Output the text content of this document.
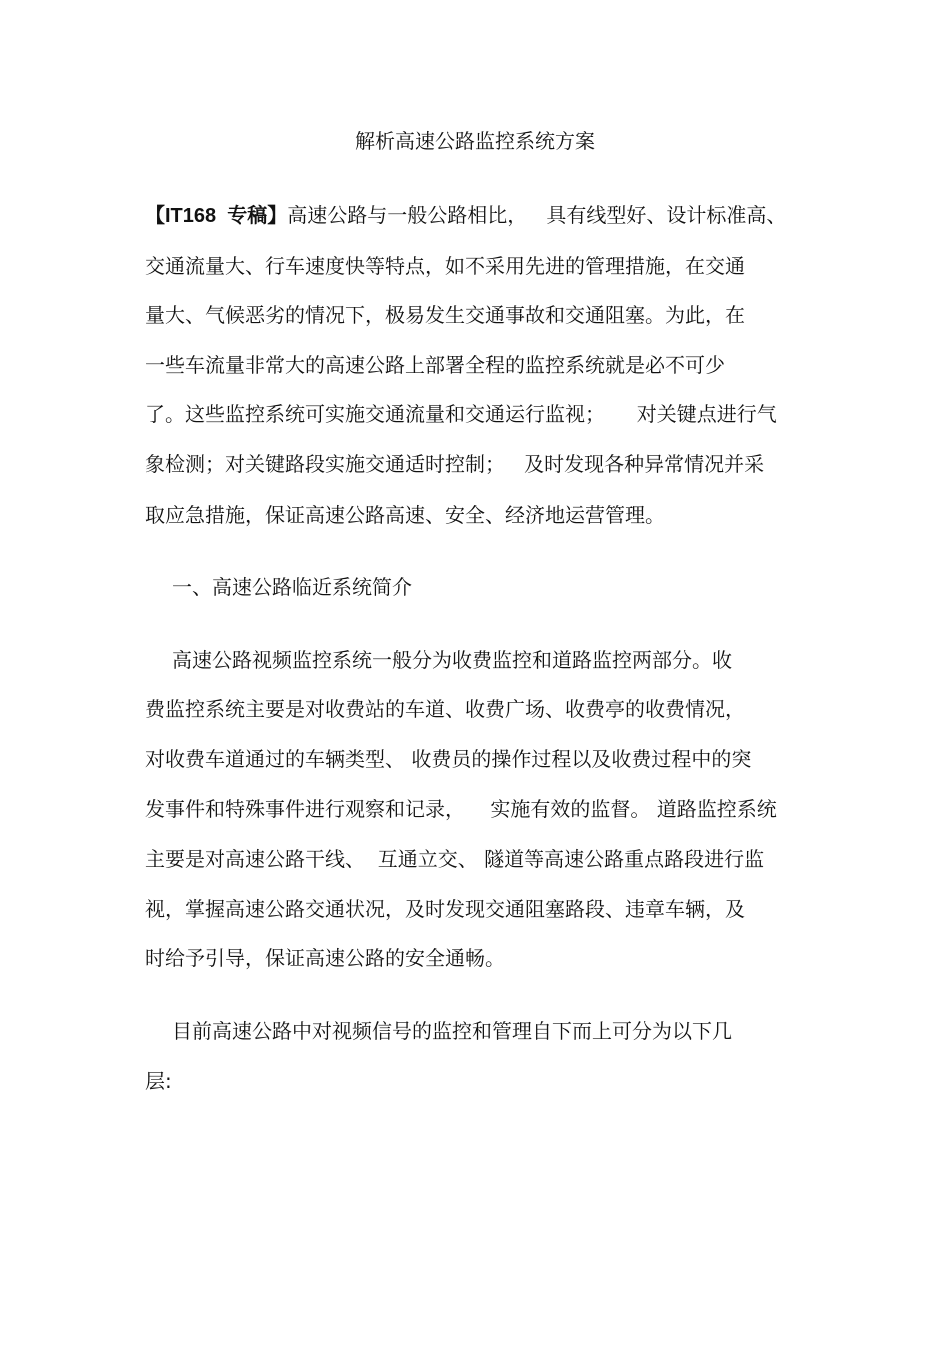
解析高速公路监控系统方案
【IT168  专稿】高速公路与一般公路相比，   具有线型好、设计标准高、
交通流量大、行车速度快等特点，如不采用先进的管理措施，在交通
量大、气候恶劣的情况下，极易发生交通事故和交通阻塞。为此，在
一些车流量非常大的高速公路上部署全程的监控系统就是必不可少
了。这些监控系统可实施交通流量和交通运行监视；     对关键点进行气
象检测；对关键路段实施交通适时控制；   及时发现各种异常情况并采
取应急措施，保证高速公路高速、安全、经济地运营管理。
一、高速公路临近系统简介
高速公路视频监控系统一般分为收费监控和道路监控两部分。收
费监控系统主要是对收费站的车道、收费广场、收费亭的收费情况，
对收费车道通过的车辆类型、 收费员的操作过程以及收费过程中的突
发事件和特殊事件进行观察和记录，    实施有效的监督。 道路监控系统
主要是对高速公路干线、  互通立交、 隧道等高速公路重点路段进行监
视，掌握高速公路交通状况，及时发现交通阻塞路段、违章车辆，及
时给予引导，保证高速公路的安全通畅。
目前高速公路中对视频信号的监控和管理自下而上可分为以下几
层:
